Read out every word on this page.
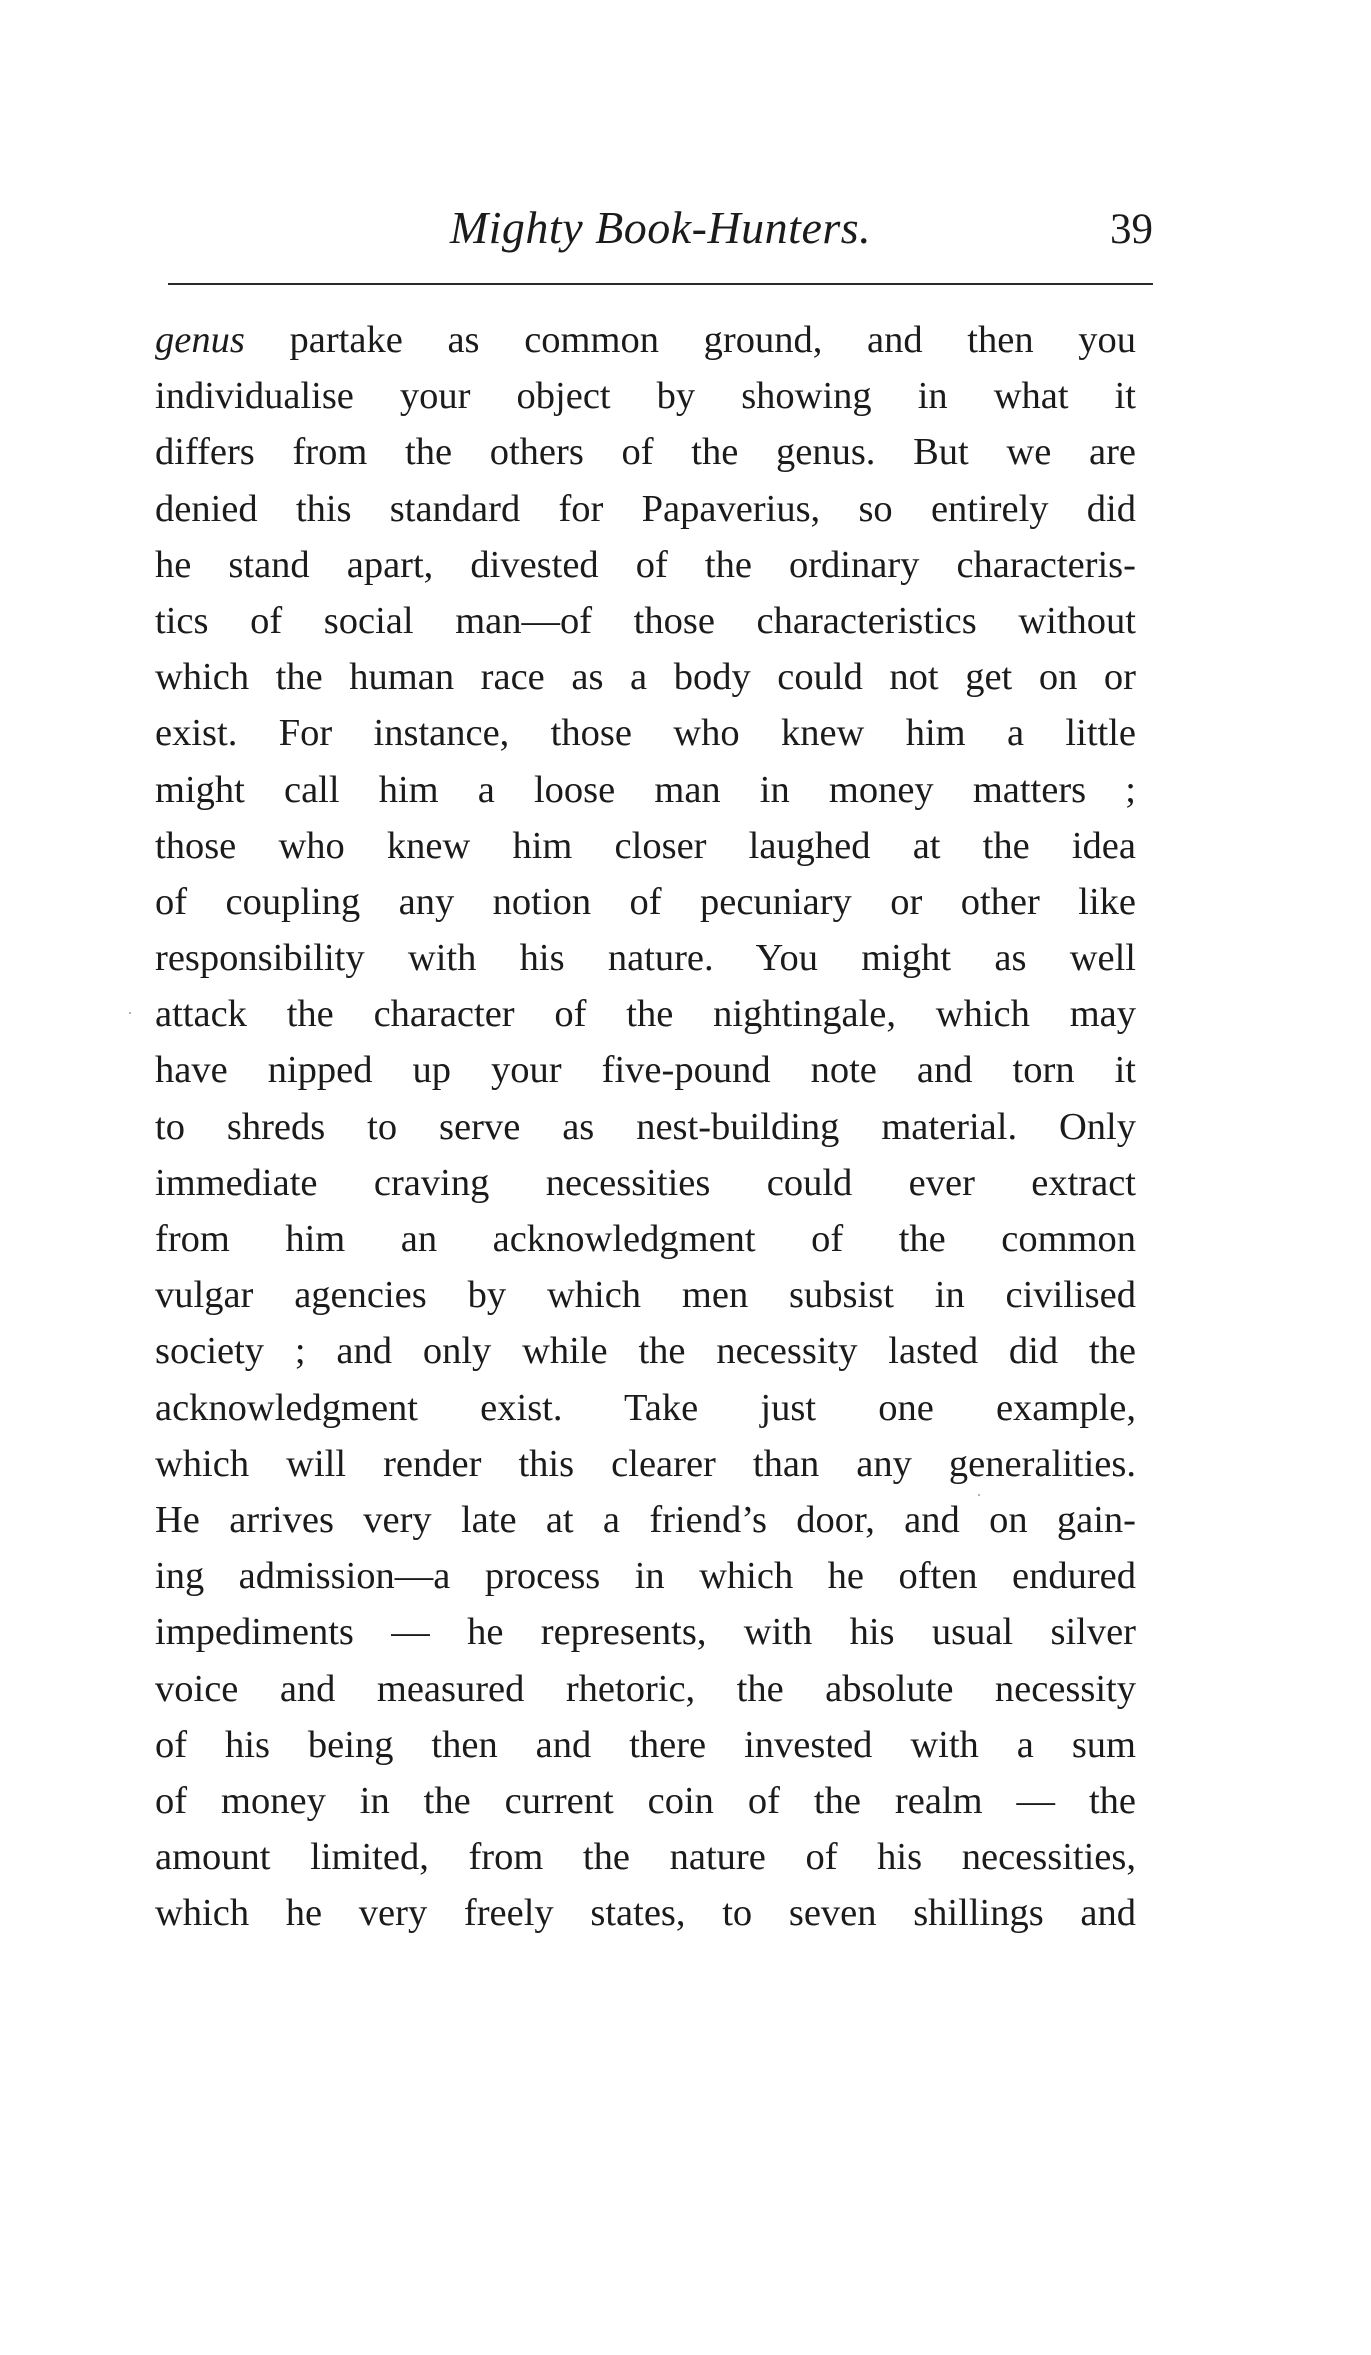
Mighty Book-Hunters.	39
genus partake as common ground, and then you
individualise your object by showing in what it
differs from the others of the genus. But we are
denied this standard for Papaverius, so entirely did
he stand apart, divested of the ordinary characteris-
tics of social man—of those characteristics without
which the human race as a body could not get on or
exist. For instance, those who knew him a little
might call him a loose man in money matters ;
those who knew him closer laughed at the idea
of coupling any notion of pecuniary or other like
responsibility with his nature. You might as well
attack the character of the nightingale, which may
have nipped up your five-pound note and torn it
to shreds to serve as nest-building material. Only
immediate craving necessities could ever extract
from him an acknowledgment of the common
vulgar agencies by which men subsist in civilised
society ; and only while the necessity lasted did the
acknowledgment exist. Take just one example,
which will render this clearer than any generalities.
He arrives very late at a friend’s door, and on gain-
ing admission—a process in which he often endured
impediments — he represents, with his usual silver
voice and measured rhetoric, the absolute necessity
of his being then and there invested with a sum
of money in the current coin of the realm — the
amount limited, from the nature of his necessities,
which he very freely states, to seven shillings and
